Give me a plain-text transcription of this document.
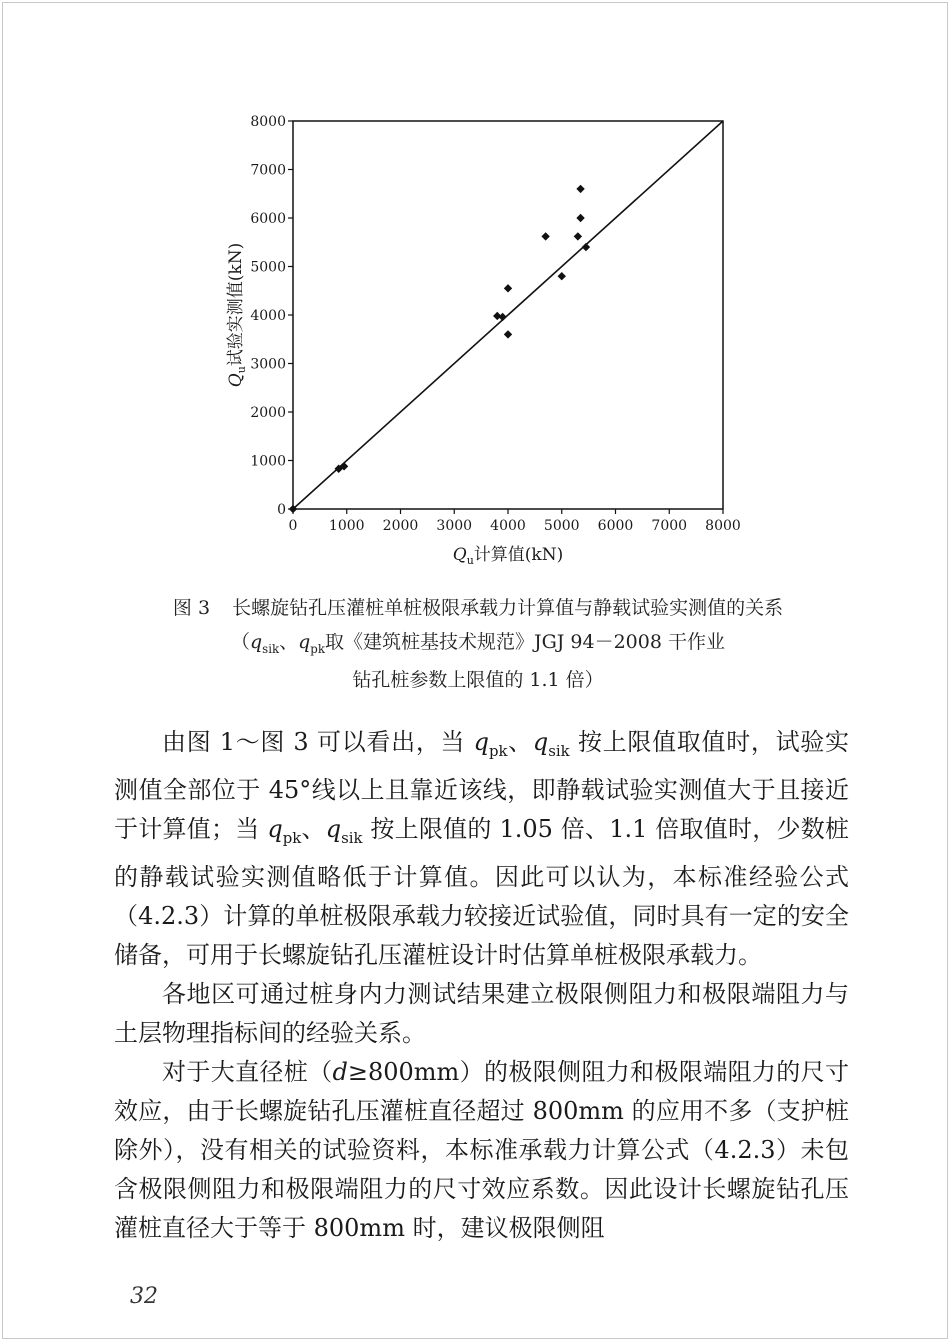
0
1000
2000
3000
4000
5000
6000
7000
8000
0 1000 2000 3000 4000 5000 6000 7000 8000
$Q_u$计算值(kN)
$Q_u$试验实测值(kN)
图 3 长螺旋钻孔压灌桩单桩极限承载力计算值与静载试验实测值的关系
（$q_{sik}$、$q_{pk}$取《建筑桩基技术规范》JGJ 94－2008 干作业
钻孔桩参数上限值的 1.1 倍）

由图 1～图 3 可以看出，当 $q_{pk}$、$q_{sik}$ 按上限值取值时，试验实测值全部位于 45°线以上且靠近该线，即静载试验实测值大于且接近于计算值；当 $q_{pk}$、$q_{sik}$ 按上限值的 1.05 倍、1.1 倍取值时，少数桩的静载试验实测值略低于计算值。因此可以认为，本标准经验公式（4.2.3）计算的单桩极限承载力较接近试验值，同时具有一定的安全储备，可用于长螺旋钻孔压灌桩设计时估算单桩极限承载力。

各地区可通过桩身内力测试结果建立极限侧阻力和极限端阻力与土层物理指标间的经验关系。

对于大直径桩（d≥800mm）的极限侧阻力和极限端阻力的尺寸效应，由于长螺旋钻孔压灌桩直径超过 800mm 的应用不多（支护桩除外），没有相关的试验资料，本标准承载力计算公式（4.2.3）未包含极限侧阻力和极限端阻力的尺寸效应系数。因此设计长螺旋钻孔压灌桩直径大于等于 800mm 时，建议极限侧阻

32
